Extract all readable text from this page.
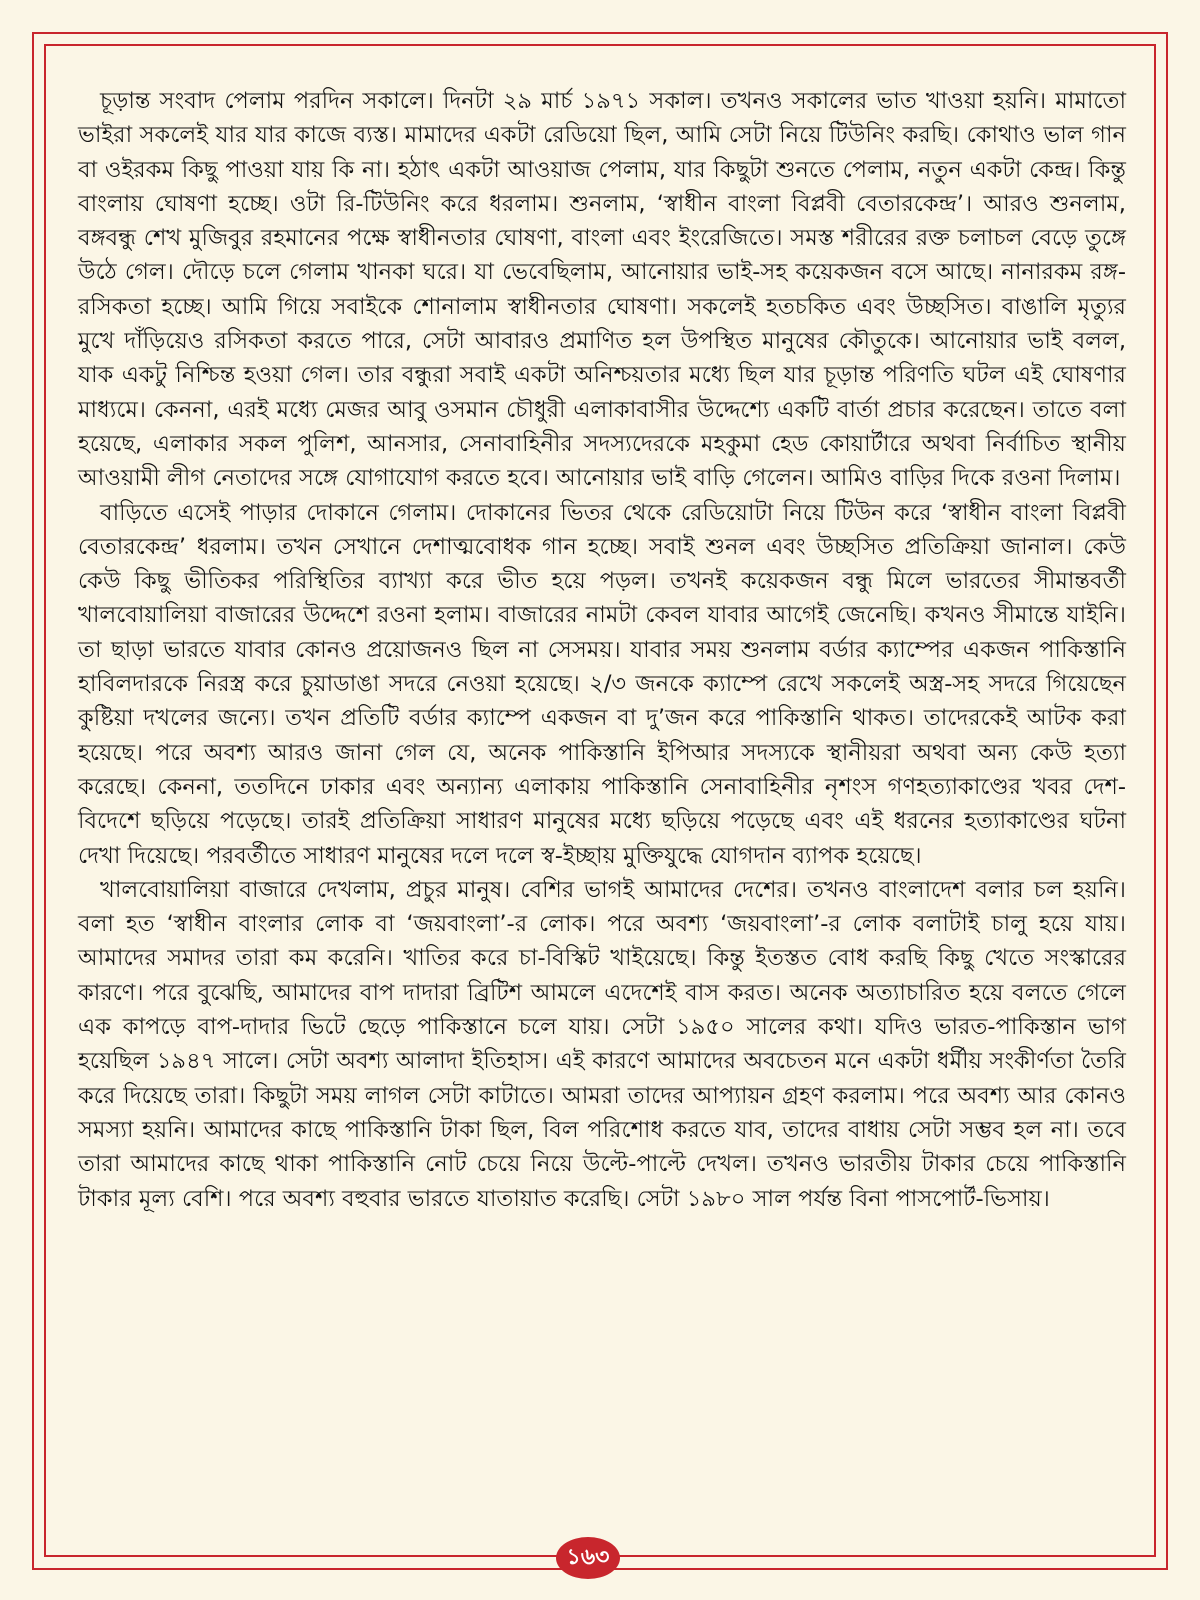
চূড়ান্ত সংবাদ পেলাম পরদিন সকালে। দিনটা ২৯ মার্চ ১৯৭১ সকাল। তখনও সকালের ভাত খাওয়া হয়নি। মামাতো ভাইরা সকলেই যার যার কাজে ব্যস্ত। মামাদের একটা রেডিয়ো ছিল, আমি সেটা নিয়ে টিউনিং করছি। কোথাও ভাল গান বা ওইরকম কিছু পাওয়া যায় কি না। হঠাৎ একটা আওয়াজ পেলাম, যার কিছুটা শুনতে পেলাম, নতুন একটা কেন্দ্র। কিন্তু বাংলায় ঘোষণা হচ্ছে। ওটা রি-টিউনিং করে ধরলাম। শুনলাম, ‘স্বাধীন বাংলা বিপ্লবী বেতারকেন্দ্র’। আরও শুনলাম, বঙ্গবন্ধু শেখ মুজিবুর রহমানের পক্ষে স্বাধীনতার ঘোষণা, বাংলা এবং ইংরেজিতে। সমস্ত শরীরের রক্ত চলাচল বেড়ে তুঙ্গে উঠে গেল। দৌড়ে চলে গেলাম খানকা ঘরে। যা ভেবেছিলাম, আনোয়ার ভাই-সহ কয়েকজন বসে আছে। নানারকম রঙ্গ-রসিকতা হচ্ছে। আমি গিয়ে সবাইকে শোনালাম স্বাধীনতার ঘোষণা। সকলেই হতচকিত এবং উচ্ছসিত। বাঙালি মৃত্যুর মুখে দাঁড়িয়েও রসিকতা করতে পারে, সেটা আবারও প্রমাণিত হল উপস্থিত মানুষের কৌতুকে। আনোয়ার ভাই বলল, যাক একটু নিশ্চিন্ত হওয়া গেল। তার বন্ধুরা সবাই একটা অনিশ্চয়তার মধ্যে ছিল যার চূড়ান্ত পরিণতি ঘটল এই ঘোষণার মাধ্যমে। কেননা, এরই মধ্যে মেজর আবু ওসমান চৌধুরী এলাকাবাসীর উদ্দেশ্যে একটি বার্তা প্রচার করেছেন। তাতে বলা হয়েছে, এলাকার সকল পুলিশ, আনসার, সেনাবাহিনীর সদস্যদেরকে মহকুমা হেড কোয়ার্টারে অথবা নির্বাচিত স্থানীয় আওয়ামী লীগ নেতাদের সঙ্গে যোগাযোগ করতে হবে। আনোয়ার ভাই বাড়ি গেলেন। আমিও বাড়ির দিকে রওনা দিলাম।

বাড়িতে এসেই পাড়ার দোকানে গেলাম। দোকানের ভিতর থেকে রেডিয়োটা নিয়ে টিউন করে ‘স্বাধীন বাংলা বিপ্লবী বেতারকেন্দ্র’ ধরলাম। তখন সেখানে দেশাত্মবোধক গান হচ্ছে। সবাই শুনল এবং উচ্ছসিত প্রতিক্রিয়া জানাল। কেউ কেউ কিছু ভীতিকর পরিস্থিতির ব্যাখ্যা করে ভীত হয়ে পড়ল। তখনই কয়েকজন বন্ধু মিলে ভারতের সীমান্তবর্তী খালবোয়ালিয়া বাজারের উদ্দেশে রওনা হলাম। বাজারের নামটা কেবল যাবার আগেই জেনেছি। কখনও সীমান্তে যাইনি। তা ছাড়া ভারতে যাবার কোনও প্রয়োজনও ছিল না সেসময়। যাবার সময় শুনলাম বর্ডার ক্যাম্পের একজন পাকিস্তানি হাবিলদারকে নিরস্ত্র করে চুয়াডাঙা সদরে নেওয়া হয়েছে। ২/৩ জনকে ক্যাম্পে রেখে সকলেই অস্ত্র-সহ সদরে গিয়েছেন কুষ্টিয়া দখলের জন্যে। তখন প্রতিটি বর্ডার ক্যাম্পে একজন বা দু’জন করে পাকিস্তানি থাকত। তাদেরকেই আটক করা হয়েছে। পরে অবশ্য আরও জানা গেল যে, অনেক পাকিস্তানি ইপিআর সদস্যকে স্থানীয়রা অথবা অন্য কেউ হত্যা করেছে। কেননা, ততদিনে ঢাকার এবং অন্যান্য এলাকায় পাকিস্তানি সেনাবাহিনীর নৃশংস গণহত্যাকাণ্ডের খবর দেশ-বিদেশে ছড়িয়ে পড়েছে। তারই প্রতিক্রিয়া সাধারণ মানুষের মধ্যে ছড়িয়ে পড়েছে এবং এই ধরনের হত্যাকাণ্ডের ঘটনা দেখা দিয়েছে। পরবর্তীতে সাধারণ মানুষের দলে দলে স্ব-ইচ্ছায় মুক্তিযুদ্ধে যোগদান ব্যাপক হয়েছে।

খালবোয়ালিয়া বাজারে দেখলাম, প্রচুর মানুষ। বেশির ভাগই আমাদের দেশের। তখনও বাংলাদেশ বলার চল হয়নি। বলা হত ‘স্বাধীন বাংলার লোক বা ‘জয়বাংলা’-র লোক। পরে অবশ্য ‘জয়বাংলা’-র লোক বলাটাই চালু হয়ে যায়। আমাদের সমাদর তারা কম করেনি। খাতির করে চা-বিস্কিট খাইয়েছে। কিন্তু ইতস্তত বোধ করছি কিছু খেতে সংস্কারের কারণে। পরে বুঝেছি, আমাদের বাপ দাদারা ব্রিটিশ আমলে এদেশেই বাস করত। অনেক অত্যাচারিত হয়ে বলতে গেলে এক কাপড়ে বাপ-দাদার ভিটে ছেড়ে পাকিস্তানে চলে যায়। সেটা ১৯৫০ সালের কথা। যদিও ভারত-পাকিস্তান ভাগ হয়েছিল ১৯৪৭ সালে। সেটা অবশ্য আলাদা ইতিহাস। এই কারণে আমাদের অবচেতন মনে একটা ধর্মীয় সংকীর্ণতা তৈরি করে দিয়েছে তারা। কিছুটা সময় লাগল সেটা কাটাতে। আমরা তাদের আপ্যায়ন গ্রহণ করলাম। পরে অবশ্য আর কোনও সমস্যা হয়নি। আমাদের কাছে পাকিস্তানি টাকা ছিল, বিল পরিশোধ করতে যাব, তাদের বাধায় সেটা সম্ভব হল না। তবে তারা আমাদের কাছে থাকা পাকিস্তানি নোট চেয়ে নিয়ে উল্টে-পাল্টে দেখল। তখনও ভারতীয় টাকার চেয়ে পাকিস্তানি টাকার মূল্য বেশি। পরে অবশ্য বহুবার ভারতে যাতায়াত করেছি। সেটা ১৯৮০ সাল পর্যন্ত বিনা পাসপোর্ট-ভিসায়।

১৬৩
